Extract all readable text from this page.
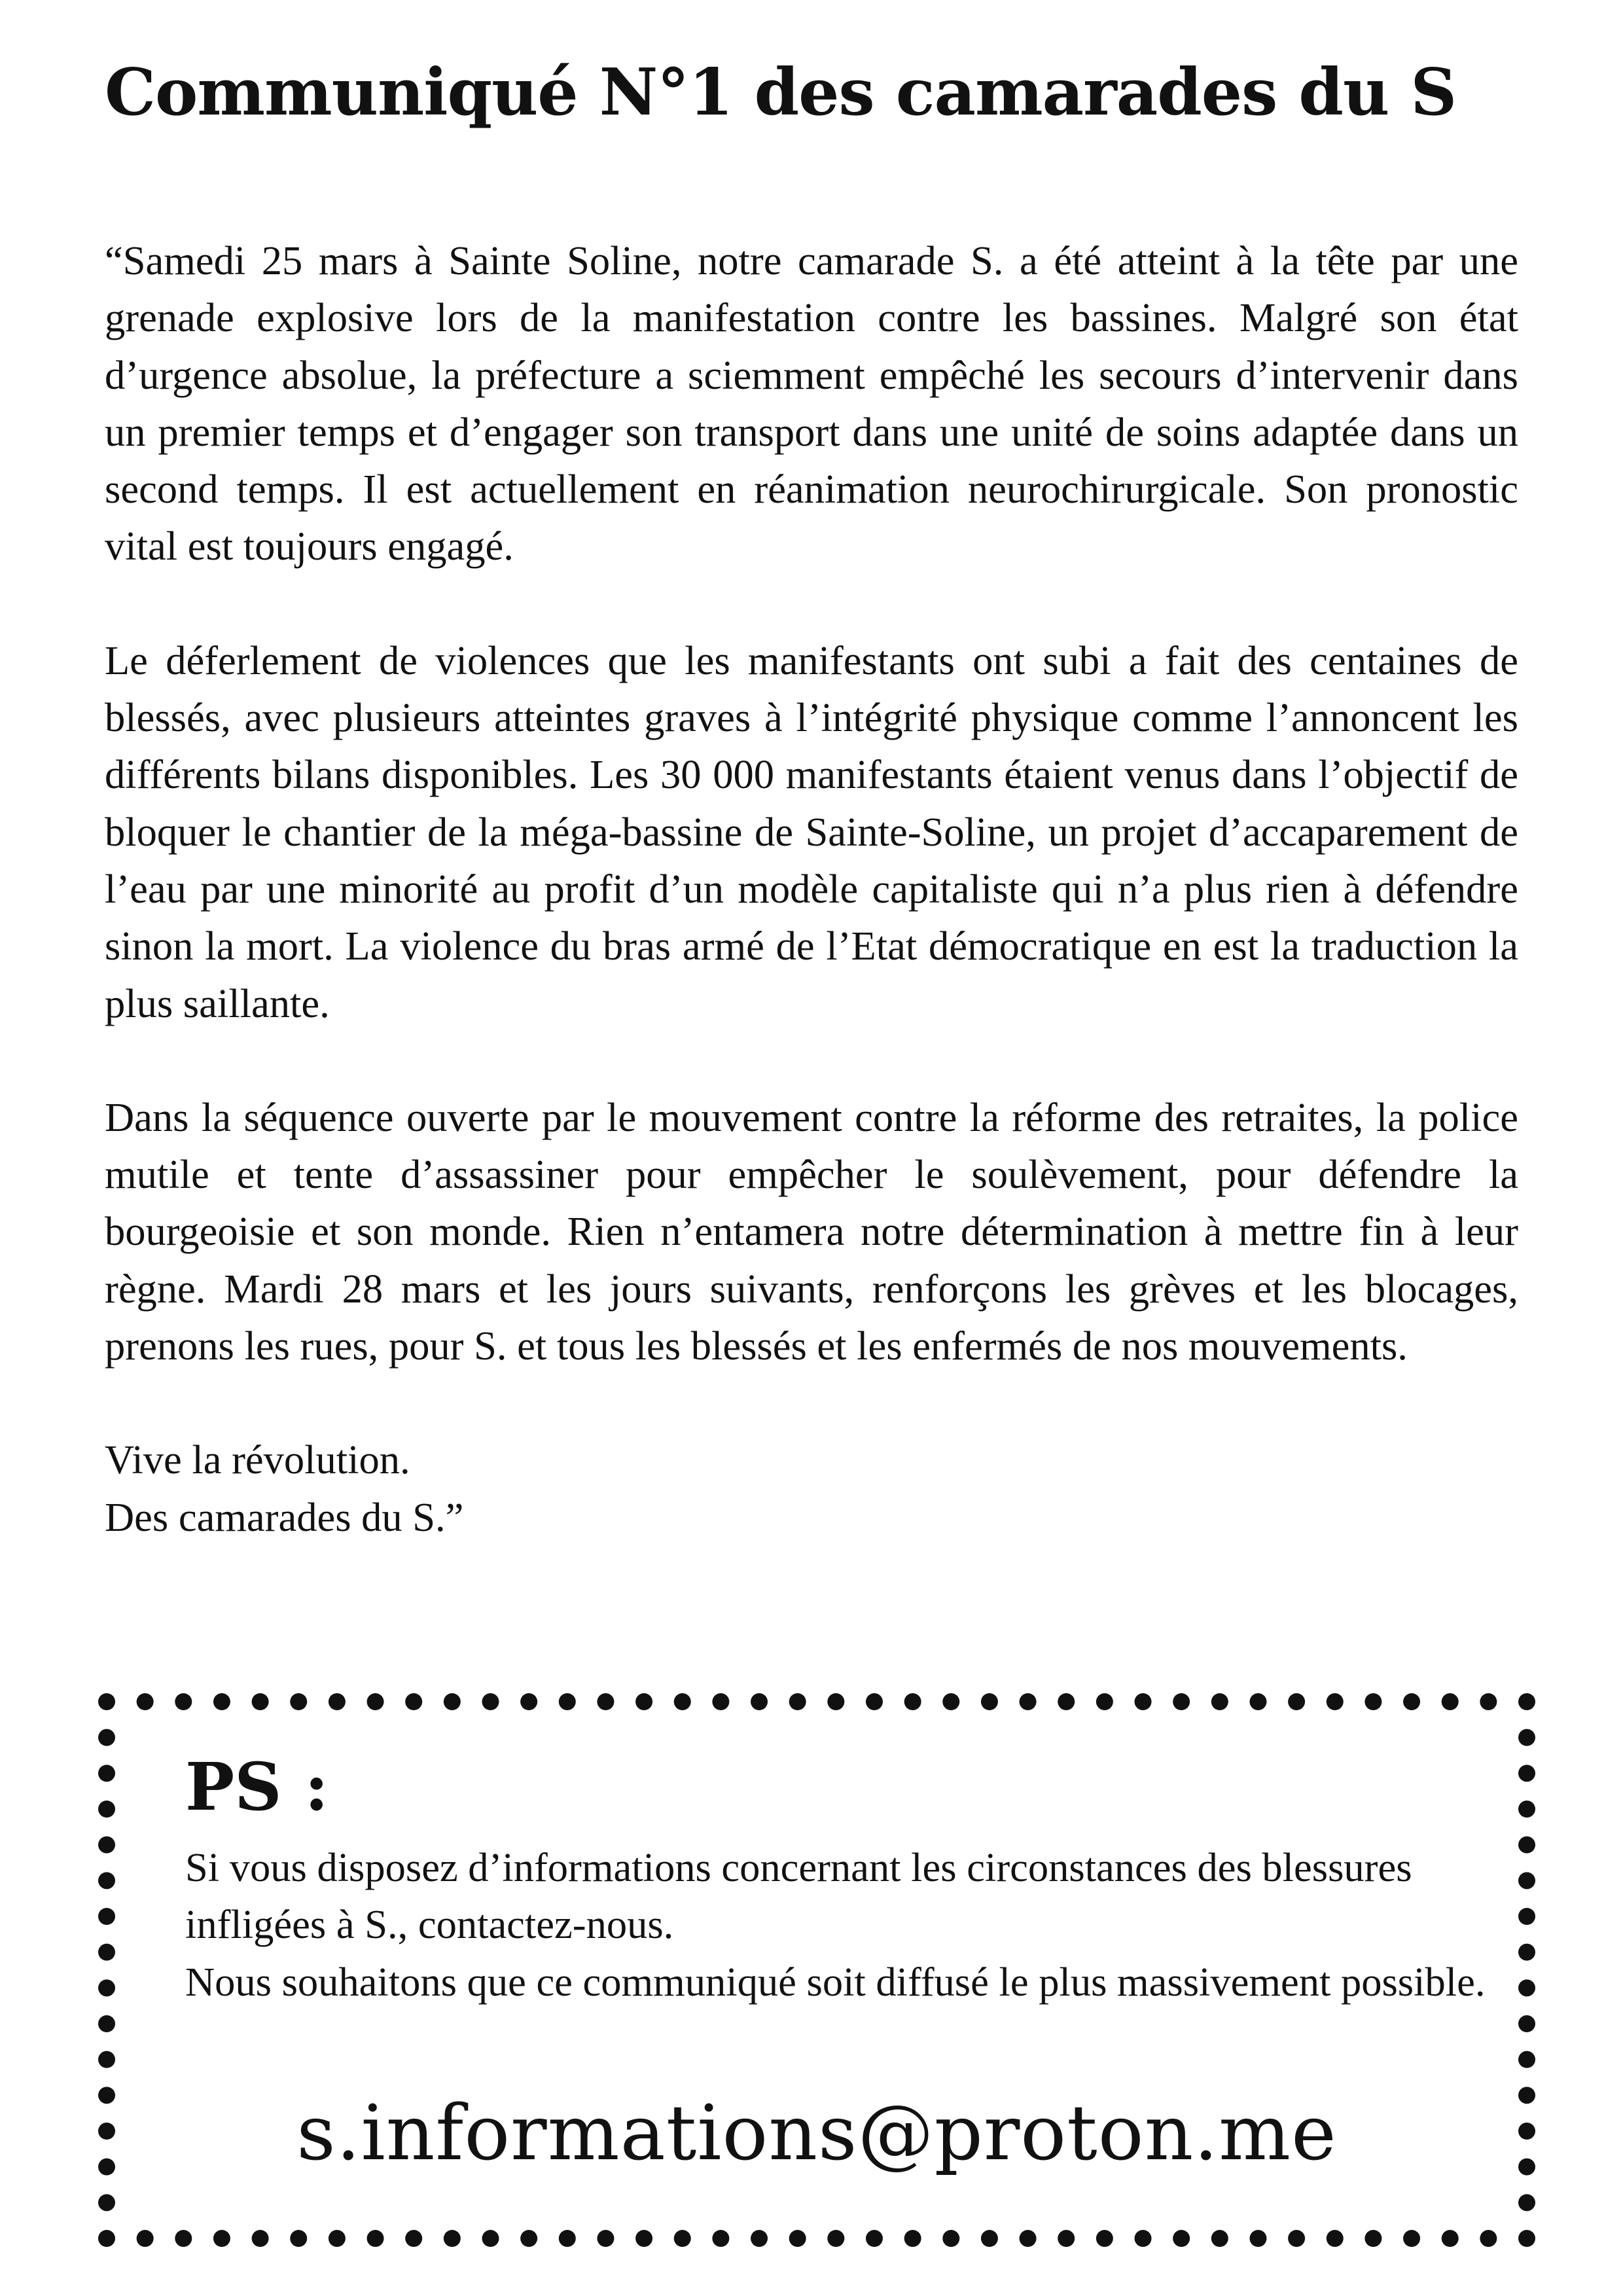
Communiqué N°1 des camarades du S

“Samedi 25 mars à Sainte Soline, notre camarade S. a été atteint à la tête par une grenade explosive lors de la manifestation contre les bassines. Malgré son état d’urgence absolue, la préfecture a sciemment empêché les secours d’intervenir dans un premier temps et d’engager son transport dans une unité de soins adaptée dans un second temps. Il est actuellement en réanimation neurochirurgicale. Son pronostic vital est toujours engagé.

Le déferlement de violences que les manifestants ont subi a fait des centaines de blessés, avec plusieurs atteintes graves à l’intégrité physique comme l’annoncent les différents bilans disponibles. Les 30 000 manifestants étaient venus dans l’objectif de bloquer le chantier de la méga-bassine de Sainte-Soline, un projet d’accaparement de l’eau par une minorité au profit d’un modèle capitaliste qui n’a plus rien à défendre sinon la mort. La violence du bras armé de l’Etat démocratique en est la traduction la plus saillante.

Dans la séquence ouverte par le mouvement contre la réforme des retraites, la police mutile et tente d’assassiner pour empêcher le soulèvement, pour défendre la bourgeoisie et son monde. Rien n’entamera notre détermination à mettre fin à leur règne. Mardi 28 mars et les jours suivants, renforçons les grèves et les blocages, prenons les rues, pour S. et tous les blessés et les enfermés de nos mouvements.

Vive la révolution.
Des camarades du S.”

PS :

Si vous disposez d’informations concernant les circonstances des blessures infligées à S., contactez-nous.

Nous souhaitons que ce communiqué soit diffusé le plus massivement possible.

s.informations@proton.me
